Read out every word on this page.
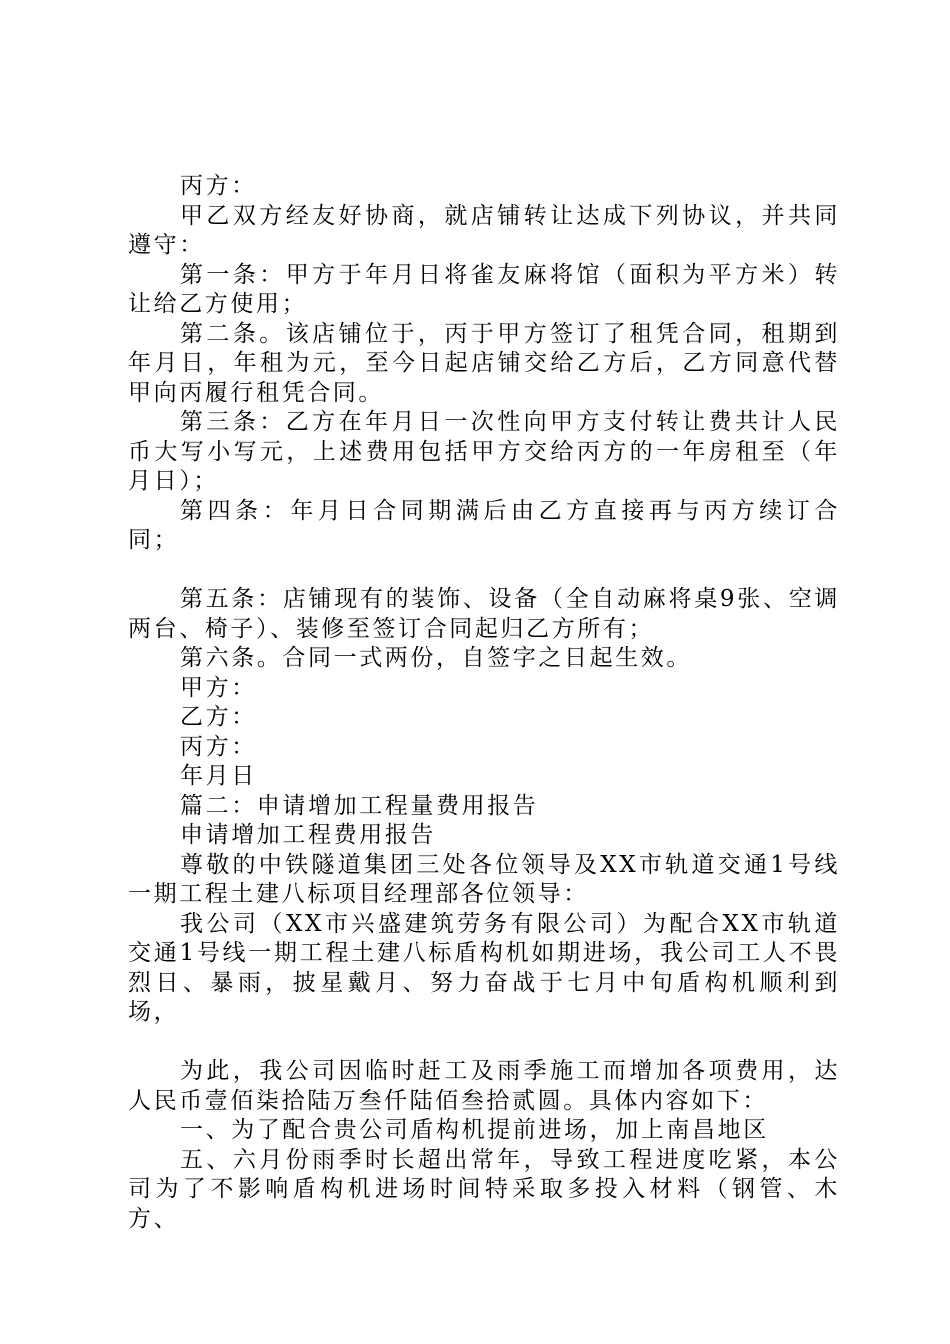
丙方：

甲乙双方经友好协商，就店铺转让达成下列协议，并共同遵守：

第一条：甲方于年月日将雀友麻将馆（面积为平方米）转让给乙方使用；

第二条。该店铺位于，丙于甲方签订了租凭合同，租期到年月日，年租为元，至今日起店铺交给乙方后，乙方同意代替甲向丙履行租凭合同。

第三条：乙方在年月日一次性向甲方支付转让费共计人民币大写小写元，上述费用包括甲方交给丙方的一年房租至（年月日）；

第四条：年月日合同期满后由乙方直接再与丙方续订合同；

第五条：店铺现有的装饰、设备（全自动麻将桌9张、空调两台、椅子）、装修至签订合同起归乙方所有；

第六条。合同一式两份，自签字之日起生效。

甲方：

乙方：

丙方：

年月日

篇二：申请增加工程量费用报告

申请增加工程费用报告

尊敬的中铁隧道集团三处各位领导及XX市轨道交通1号线一期工程土建八标项目经理部各位领导：

我公司（XX市兴盛建筑劳务有限公司）为配合XX市轨道交通1号线一期工程土建八标盾构机如期进场，我公司工人不畏烈日、暴雨，披星戴月、努力奋战于七月中旬盾构机顺利到场，

为此，我公司因临时赶工及雨季施工而增加各项费用，达人民币壹佰柒拾陆万叁仟陆佰叁拾贰圆。具体内容如下：

一、为了配合贵公司盾构机提前进场，加上南昌地区

五、六月份雨季时长超出常年，导致工程进度吃紧，本公司为了不影响盾构机进场时间特采取多投入材料（钢管、木方、
